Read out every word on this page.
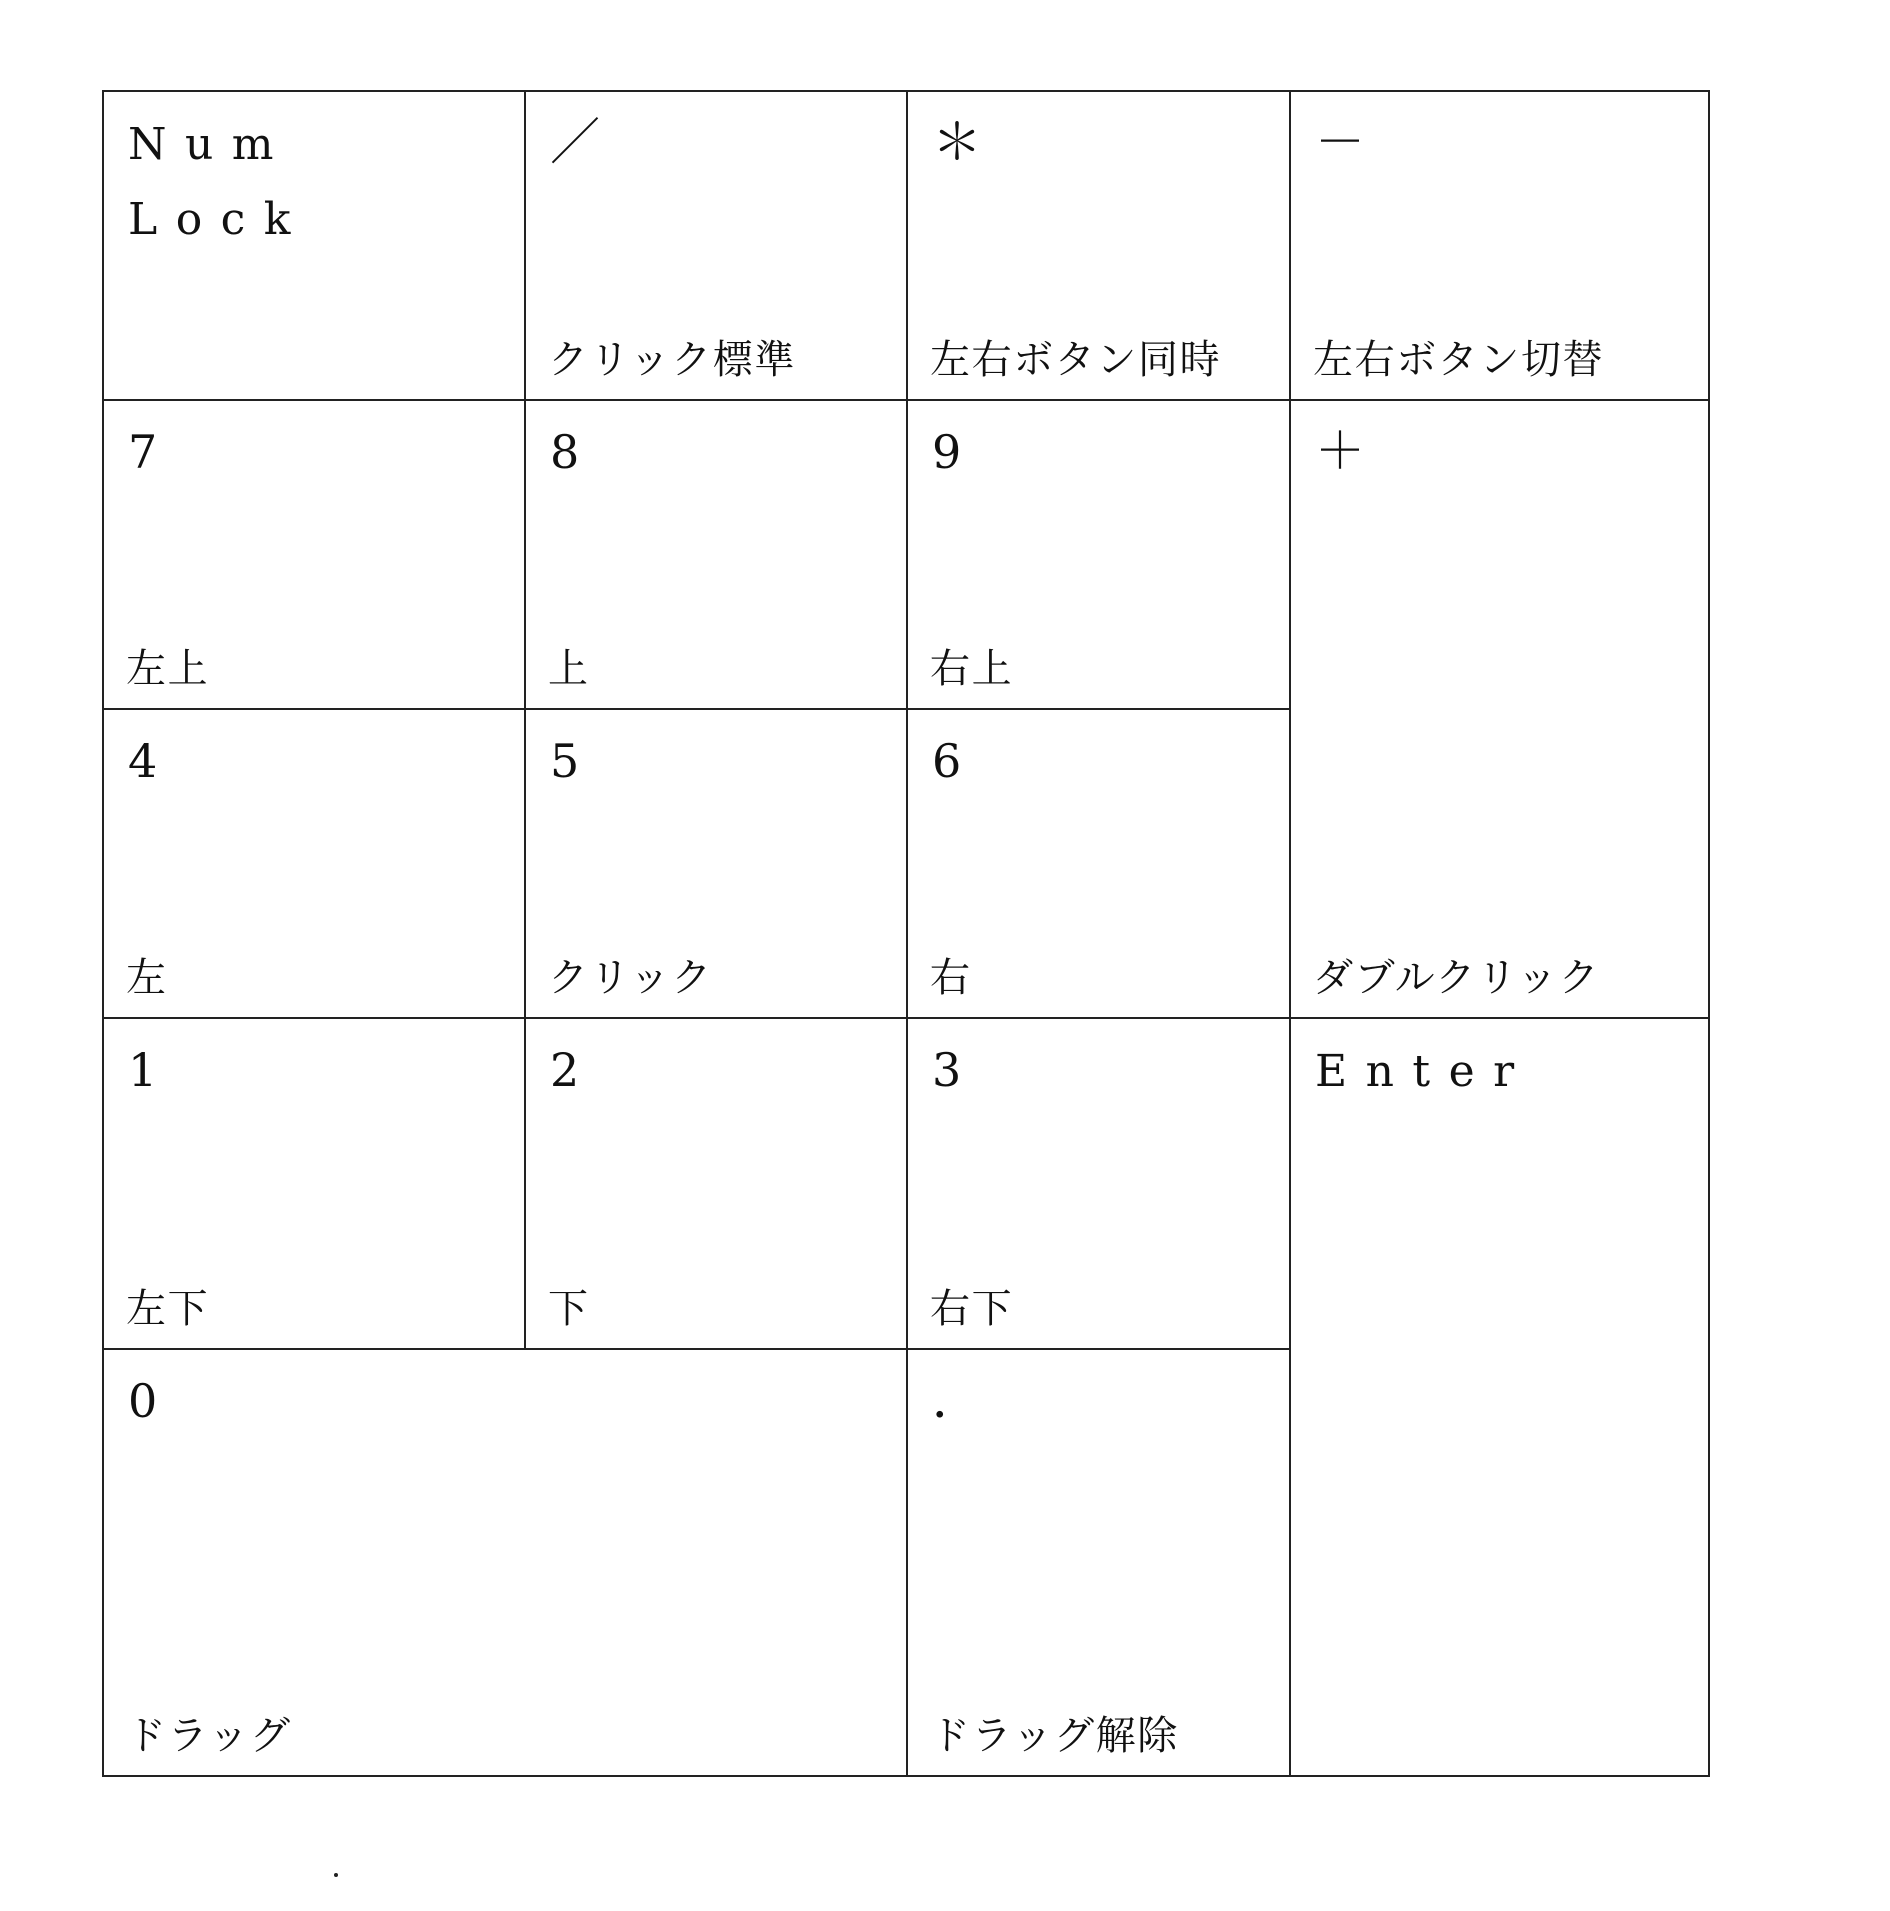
Num
Lock
／
クリック標準
＊
左右ボタン同時
－
左右ボタン切替
7
左上
8
上
9
右上
＋
ダブルクリック
4
左
5
クリック
6
右
1
左下
2
下
3
右下
Enter
0
ドラッグ
．
ドラッグ解除
